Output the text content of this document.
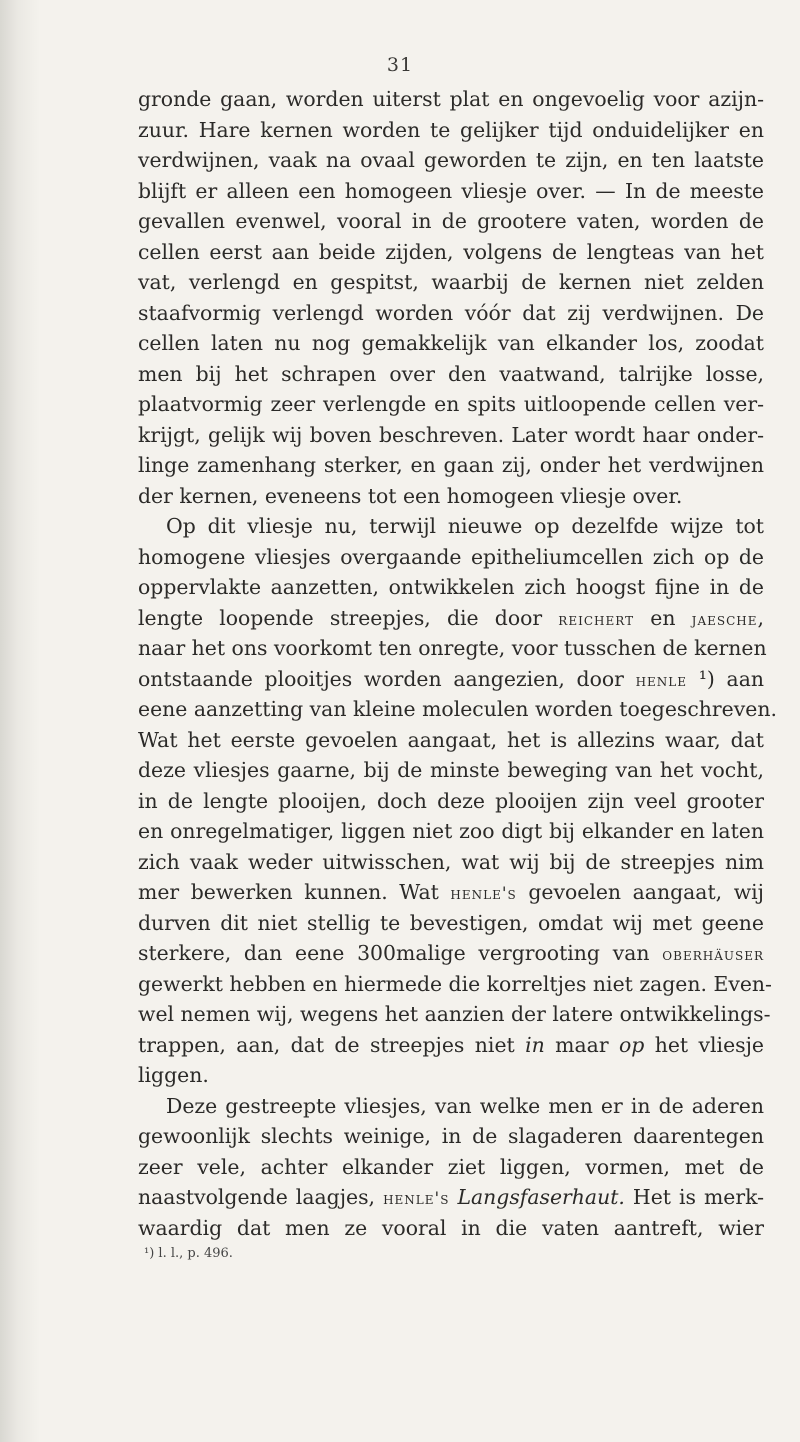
31
gronde gaan, worden uiterst plat en ongevoelig voor azijn-
zuur. Hare kernen worden te gelijker tijd onduidelijker en
verdwijnen, vaak na ovaal geworden te zijn, en ten laatste
blijft er alleen een homogeen vliesje over. — In de meeste
gevallen evenwel, vooral in de grootere vaten, worden de
cellen eerst aan beide zijden, volgens de lengteas van het
vat, verlengd en gespitst, waarbij de kernen niet zelden
staafvormig verlengd worden vóór dat zij verdwijnen. De
cellen laten nu nog gemakkelijk van elkander los, zoodat
men bij het schrapen over den vaatwand, talrijke losse,
plaatvormig zeer verlengde en spits uitloopende cellen ver-
krijgt, gelijk wij boven beschreven. Later wordt haar onder-
linge zamenhang sterker, en gaan zij, onder het verdwijnen
der kernen, eveneens tot een homogeen vliesje over.
Op dit vliesje nu, terwijl nieuwe op dezelfde wijze tot
homogene vliesjes overgaande epitheliumcellen zich op de
oppervlakte aanzetten, ontwikkelen zich hoogst fijne in de
lengte loopende streepjes, die door reichert en jaesche,
naar het ons voorkomt ten onregte, voor tusschen de kernen
ontstaande plooitjes worden aangezien, door henle ¹) aan
eene aanzetting van kleine moleculen worden toegeschreven.
Wat het eerste gevoelen aangaat, het is allezins waar, dat
deze vliesjes gaarne, bij de minste beweging van het vocht,
in de lengte plooijen, doch deze plooijen zijn veel grooter
en onregelmatiger, liggen niet zoo digt bij elkander en laten
zich vaak weder uitwisschen, wat wij bij de streepjes nim
mer bewerken kunnen. Wat henle's gevoelen aangaat, wij
durven dit niet stellig te bevestigen, omdat wij met geene
sterkere, dan eene 300malige vergrooting van oberhäuser
gewerkt hebben en hiermede die korreltjes niet zagen. Even-
wel nemen wij, wegens het aanzien der latere ontwikkelings-
trappen, aan, dat de streepjes niet in maar op het vliesje
liggen.
Deze gestreepte vliesjes, van welke men er in de aderen
gewoonlijk slechts weinige, in de slagaderen daarentegen
zeer vele, achter elkander ziet liggen, vormen, met de
naastvolgende laagjes, henle's Langsfaserhaut. Het is merk-
waardig dat men ze vooral in die vaten aantreft, wier
¹) l. l., p. 496.
